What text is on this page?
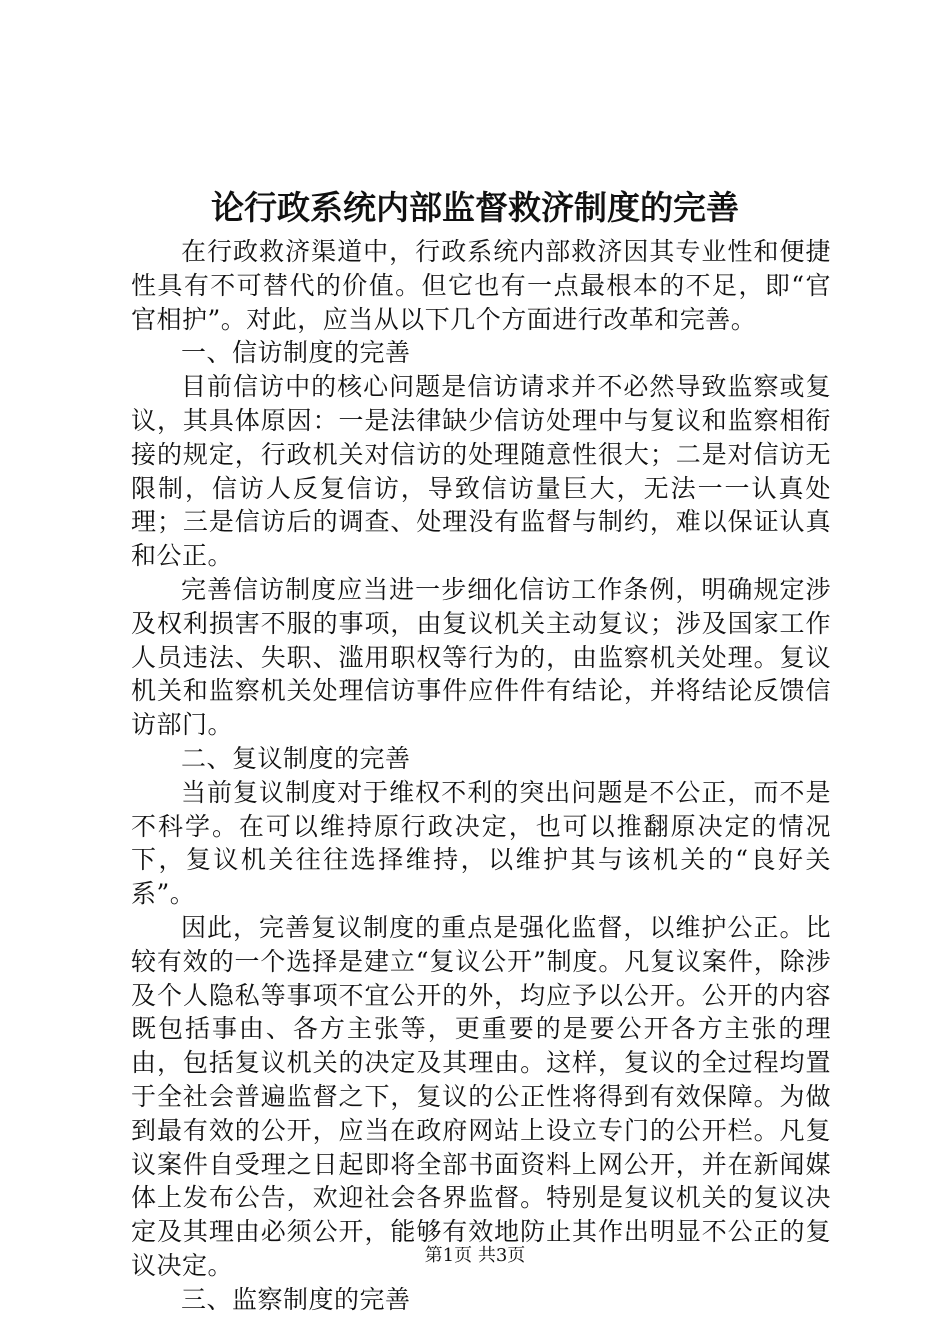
论行政系统内部监督救济制度的完善

在行政救济渠道中，行政系统内部救济因其专业性和便捷性具有不可替代的价值。但它也有一点最根本的不足，即“官官相护”。对此，应当从以下几个方面进行改革和完善。

一、信访制度的完善

目前信访中的核心问题是信访请求并不必然导致监察或复议，其具体原因：一是法律缺少信访处理中与复议和监察相衔接的规定，行政机关对信访的处理随意性很大；二是对信访无限制，信访人反复信访，导致信访量巨大，无法一一认真处理；三是信访后的调查、处理没有监督与制约，难以保证认真和公正。

完善信访制度应当进一步细化信访工作条例，明确规定涉及权利损害不服的事项，由复议机关主动复议；涉及国家工作人员违法、失职、滥用职权等行为的，由监察机关处理。复议机关和监察机关处理信访事件应件件有结论，并将结论反馈信访部门。

二、复议制度的完善

当前复议制度对于维权不利的突出问题是不公正，而不是不科学。在可以维持原行政决定，也可以推翻原决定的情况下，复议机关往往选择维持，以维护其与该机关的“良好关系”。

因此，完善复议制度的重点是强化监督，以维护公正。比较有效的一个选择是建立“复议公开”制度。凡复议案件，除涉及个人隐私等事项不宜公开的外，均应予以公开。公开的内容既包括事由、各方主张等，更重要的是要公开各方主张的理由，包括复议机关的决定及其理由。这样，复议的全过程均置于全社会普遍监督之下，复议的公正性将得到有效保障。为做到最有效的公开，应当在政府网站上设立专门的公开栏。凡复议案件自受理之日起即将全部书面资料上网公开，并在新闻媒体上发布公告，欢迎社会各界监督。特别是复议机关的复议决定及其理由必须公开，能够有效地防止其作出明显不公正的复议决定。

三、监察制度的完善

第1页 共3页
